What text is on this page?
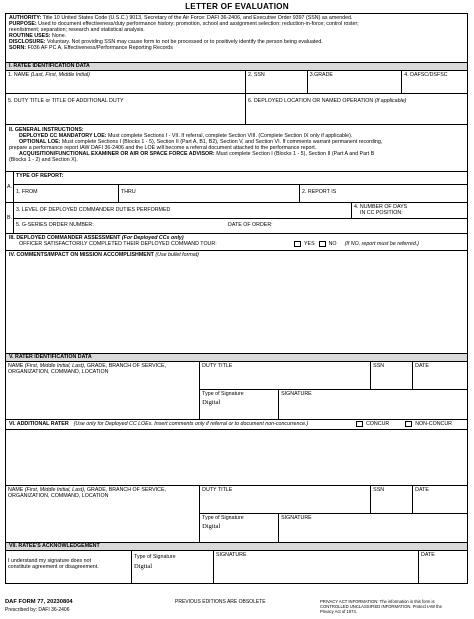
LETTER OF EVALUATION
AUTHORITY: Title 10 United States Code (U.S.C.) 9013, Secretary of the Air Force: DAFI 36-2406, and Executive Order 9397 (SSN) as amended.
PURPOSE: Used to document effectiveness/duty performance history; promotion, school and assignment selection; reduction-in-force; control roster;
reenlistment; separation; research and statistical analysis.
ROUTINE USES: None.
DISCLOSURE: Voluntary. Not providing SSN may cause form to not be processed or to positively identify the person being evaluated.
SORN: F036 AF PC A, Effectiveness/Performance Reporting Records
I. RATEE IDENTIFICATION DATA
1. NAME (Last, First, Middle Initial)	2. SSN	3.GRADE	4. DAFSC/DSFSC
5. DUTY TITLE or TITLE OF ADDITIONAL DUTY	6. DEPLOYED LOCATION OR NAMED OPERATION (If applicable)
II. GENERAL INSTRUCTIONS:
DEPLOYED CC MANDATORY LOE: Must complete Sections I - VII. If referral, complete Section VIII. (Complete Section IX only if applicable).
OPTIONAL LOE: Must complete Sections I (Blocks 1 - 5), Section II (Part A, B1, B2), Section V, and Section VI. If comments warrant permanent recording,
prepare a performance report IAW DAFI 36-2406 and the LOE will become a referral document attached to the performance report.
ACQUISITION/FUNCTIONAL EXAMINER OR AIR OR SPACE FORCE ADVISOR: Must complete Section I (Blocks 1 - 5), Section II (Part A and Part B
(Blocks 1 - 2) and Section X).
A.
TYPE OF REPORT:
1. FROM	THRU	2. REPORT IS
B.
3. LEVEL OF DEPLOYED COMMANDER DUTIES PERFORMED	4. NUMBER OF DAYS
IN CC POSITION:
5. G-SERIES ORDER NUMBER:	DATE OF ORDER:
III. DEPLOYED COMMANDER ASSESSMENT (For Deployed CCs only)
OFFICER SATISFACTORILY COMPLETED THEIR DEPLOYED COMMAND TOUR:	YES	NO (If NO, report must be referred.)
IV. COMMENTS/IMPACT ON MISSION ACCOMPLISHMENT (Use bullet format)
V. RATER IDENTIFICATION DATA
NAME (First, Middle Initial, Last), GRADE, BRANCH OF SERVICE,
ORGANIZATION, COMMAND, LOCATION
DUTY TITLE	SSN	DATE
Type of Signature
Digital
SIGNATURE
VI. ADDITIONAL RATER (Use only for Deployed CC LOEs. Insert comments only if referral or to document non-concurrence.)	CONCUR	NON-CONCUR
NAME (First, Middle Initial, Last), GRADE, BRANCH OF SERVICE,
ORGANIZATION, COMMAND, LOCATION
DUTY TITLE	SSN	DATE
Type of Signature
Digital
SIGNATURE
VII. RATEE'S ACKNOWLEDGEMENT
I understand my signature does not
constitute agreement or disagreement.
Type of Signature
Digital
SIGNATURE	DATE
DAF FORM 77, 20230804
Prescribed by: DAFI 36-2406
PREVIOUS EDITIONS ARE OBSOLETE	PRIVACY ACT INFORMATION: The information in this form is
CONTROLLED UNCLASSIFIED INFORMATION. Protect IAW the
Privacy Act of 1974.
